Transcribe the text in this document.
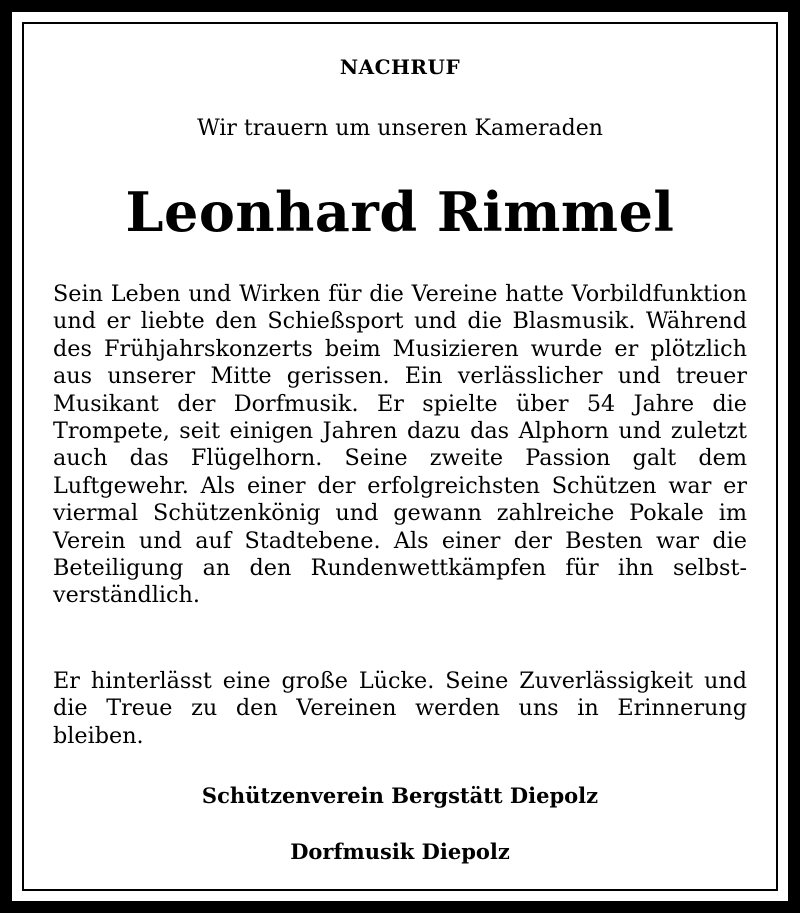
NACHRUF

Wir trauern um unseren Kameraden

Leonhard Rimmel

Sein Leben und Wirken für die Vereine hatte Vorbildfunktion und er liebte den Schießsport und die Blasmusik. Während des Frühjahrskonzerts beim Musizieren wurde er plötzlich aus unserer Mitte gerissen. Ein verlässlicher und treuer Musikant der Dorfmusik. Er spielte über 54 Jahre die Trompete, seit einigen Jahren dazu das Alphorn und zuletzt auch das Flügelhorn. Seine zweite Passion galt dem Luftgewehr. Als einer der erfolgreichsten Schützen war er viermal Schützenkönig und gewann zahlreiche Pokale im Verein und auf Stadtebene. Als einer der Besten war die Beteiligung an den Rundenwettkämpfen für ihn selbstverständlich.

Er hinterlässt eine große Lücke. Seine Zuverlässigkeit und die Treue zu den Vereinen werden uns in Erinnerung bleiben.

Schützenverein Bergstätt Diepolz

Dorfmusik Diepolz
